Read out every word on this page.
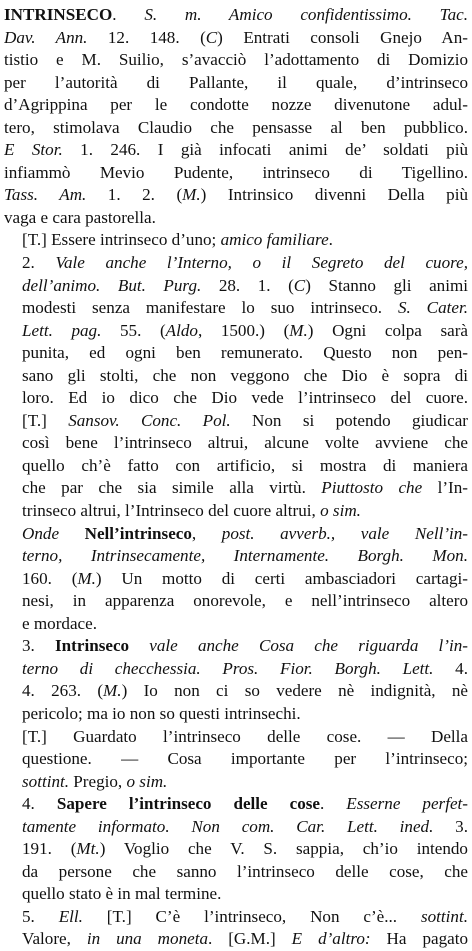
INTRINSECO. S. m. Amico confidentissimo. Tac.
Dav. Ann. 12. 148. (C) Entrati consoli Gnejo An-
tistio e M. Suilio, s’avacciò l’adottamento di Domizio
per l’autorità di Pallante, il quale, d’intrinseco
d’Agrippina per le condotte nozze divenutone adul-
tero, stimolava Claudio che pensasse al ben pubblico.
E Stor. 1. 246. I già infocati animi de’ soldati più
infiammò Mevio Pudente, intrinseco di Tigellino.
Tass. Am. 1. 2. (M.) Intrinsico divenni Della più
vaga e cara pastorella.
[T.] Essere intrinseco d’uno; amico familiare.
2. Vale anche l’Interno, o il Segreto del cuore,
dell’animo. But. Purg. 28. 1. (C) Stanno gli animi
modesti senza manifestare lo suo intrinseco. S. Cater.
Lett. pag. 55. (Aldo, 1500.) (M.) Ogni colpa sarà
punita, ed ogni ben remunerato. Questo non pen-
sano gli stolti, che non veggono che Dio è sopra di
loro. Ed io dico che Dio vede l’intrinseco del cuore.
[T.] Sansov. Conc. Pol. Non si potendo giudicar
così bene l’intrinseco altrui, alcune volte avviene che
quello ch’è fatto con artificio, si mostra di maniera
che par che sia simile alla virtù. Piuttosto che l’In-
trinseco altrui, l’Intrinseco del cuore altrui, o sim.
Onde Nell’intrinseco, post. avverb., vale Nell’in-
terno, Intrinsecamente, Internamente. Borgh. Mon.
160. (M.) Un motto di certi ambasciadori cartagi-
nesi, in apparenza onorevole, e nell’intrinseco altero
e mordace.
3. Intrinseco vale anche Cosa che riguarda l’in-
terno di checchessia. Pros. Fior. Borgh. Lett. 4.
4. 263. (M.) Io non ci so vedere nè indignità, nè
pericolo; ma io non so questi intrinsechi.
[T.] Guardato l’intrinseco delle cose. — Della
questione. — Cosa importante per l’intrinseco;
sottint. Pregio, o sim.
4. Sapere l’intrinseco delle cose. Esserne perfet-
tamente informato. Non com. Car. Lett. ined. 3.
191. (Mt.) Voglio che V. S. sappia, ch’io intendo
da persone che sanno l’intrinseco delle cose, che
quello stato è in mal termine.
5. Ell. [T.] C’è l’intrinseco, Non c’è... sottint.
Valore, in una moneta. [G.M.] E d’altro: Ha pagato
